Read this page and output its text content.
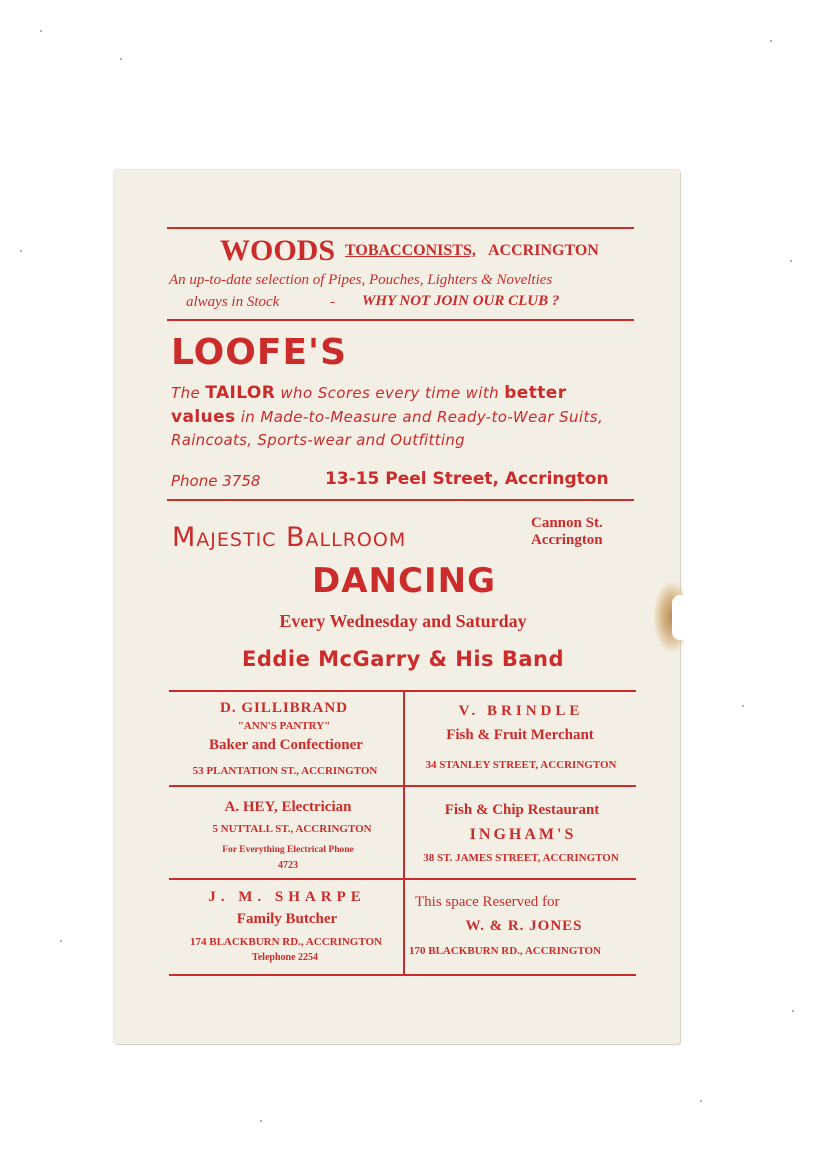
WOODS TOBACCONISTS, ACCRINGTON
An up-to-date selection of Pipes, Pouches, Lighters & Novelties
always in Stock	- WHY NOT JOIN OUR CLUB ?
LOOFE'S
The TAILOR who Scores every time with better
values in Made-to-Measure and Ready-to-Wear Suits,
Raincoats, Sports-wear and Outfitting
Phone 3758	13-15 Peel Street, Accrington
Majestic Ballroom	Cannon St.
Accrington
DANCING
Every Wednesday and Saturday
Eddie McGarry & His Band
D. GILLIBRAND
"ANN'S PANTRY"
Baker and Confectioner
53 PLANTATION ST., ACCRINGTON
V. BRINDLE
Fish & Fruit Merchant
34 STANLEY STREET, ACCRINGTON
A. HEY, Electrician
5 NUTTALL ST., ACCRINGTON
For Everything Electrical Phone
4723
Fish & Chip Restaurant
INGHAM'S
38 ST. JAMES STREET, ACCRINGTON
J. M. SHARPE
Family Butcher
174 BLACKBURN RD., ACCRINGTON
Telephone 2254
This space Reserved for
W. & R. JONES
170 BLACKBURN RD., ACCRINGTON
